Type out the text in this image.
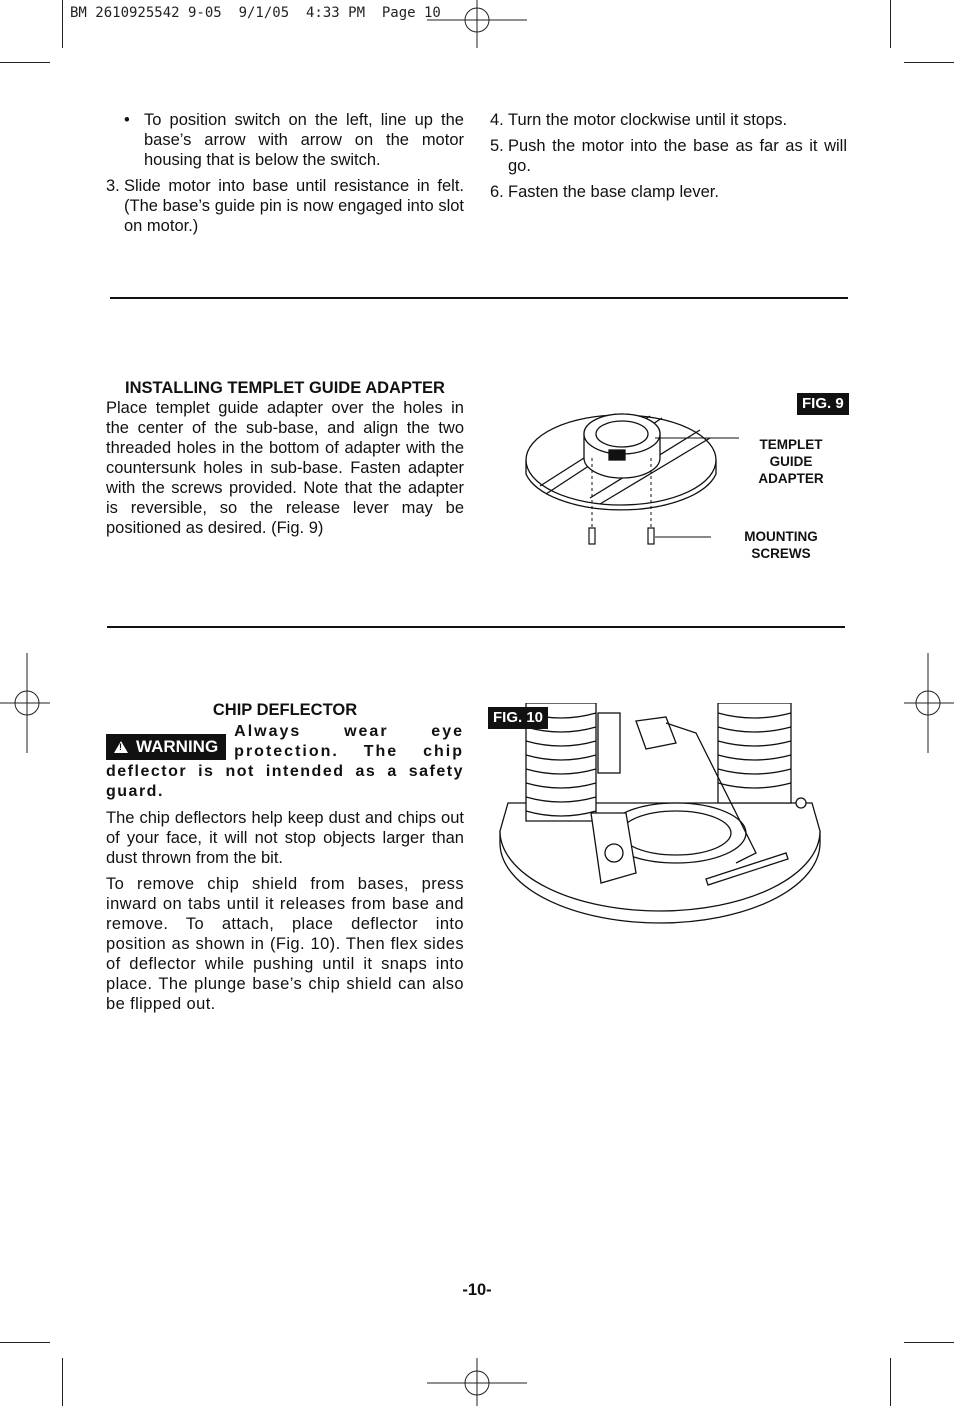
BM 2610925542 9-05  9/1/05  4:33 PM  Page 10
• To position switch on the left, line up the base’s arrow with arrow on the motor housing that is below the switch.
3. Slide motor into base until resistance in felt. (The base’s guide pin is now engaged into slot on motor.)
4. Turn the motor clockwise until it stops.
5. Push the motor into the base as far as it will go.
6. Fasten the base clamp lever.
INSTALLING TEMPLET GUIDE ADAPTER

Place templet guide adapter over the holes in the center of the sub-base, and align the two threaded holes in the bottom of adapter with the countersunk holes in sub-base. Fasten adapter with the screws provided. Note that the adapter is reversible, so the release lever may be positioned as desired. (Fig. 9)

FIG. 9
TEMPLET GUIDE
ADAPTER
MOUNTING SCREWS
CHIP DEFLECTOR
! WARNING
Always wear eye protection. The chip

deflector is not intended as a safety guard.

The chip deflectors help keep dust and chips out of your face, it will not stop objects larger than dust thrown from the bit.

To remove chip shield from bases, press inward on tabs until it releases from base and remove. To attach, place deflector into position as shown in (Fig. 10). Then flex sides of deflector while pushing until it snaps into place. The plunge base’s chip shield can also be flipped out.

FIG. 10
-10-
